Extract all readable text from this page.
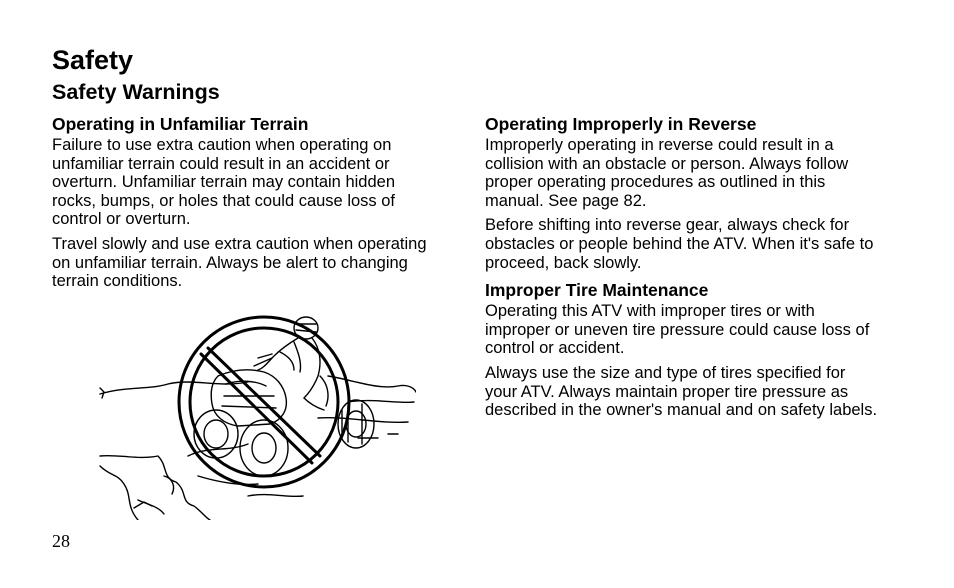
Safety
Safety Warnings
Operating in Unfamiliar Terrain

Failure to use extra caution when operating on unfamiliar terrain could result in an accident or overturn. Unfamiliar terrain may contain hidden rocks, bumps, or holes that could cause loss of control or overturn.

Travel slowly and use extra caution when operating on unfamiliar terrain. Always be alert to changing terrain conditions.

Operating Improperly in Reverse

Improperly operating in reverse could result in a collision with an obstacle or person. Always follow proper operating procedures as outlined in this manual. See page 82.

Before shifting into reverse gear, always check for obstacles or people behind the ATV. When it's safe to proceed, back slowly.

Improper Tire Maintenance

Operating this ATV with improper tires or with improper or uneven tire pressure could cause loss of control or accident.

Always use the size and type of tires specified for your ATV. Always maintain proper tire pressure as described in the owner's manual and on safety labels.

28
